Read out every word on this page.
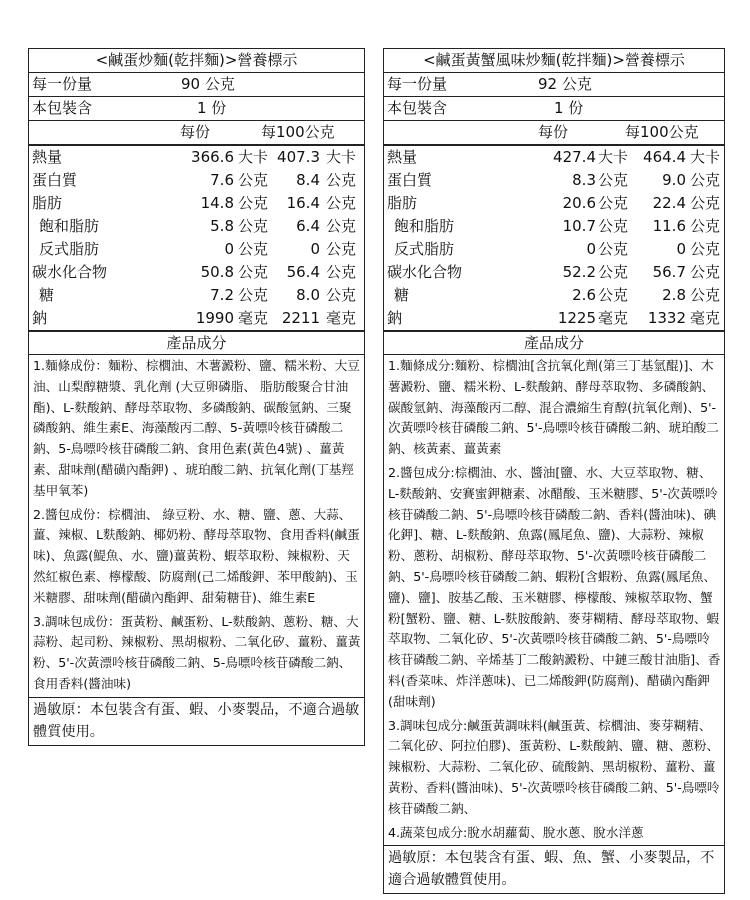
<鹹蛋炒麵(乾拌麵)>營養標示
每一份量	90 公克
本包裝含	1 份
每份	每100公克
熱量	366.6 大卡 407.3 大卡
蛋白質	7.6 公克 8.4 公克
脂肪	14.8 公克 16.4 公克
飽和脂肪	5.8 公克 6.4 公克
反式脂肪	0 公克	0 公克
碳水化合物	50.8 公克 56.4 公克
糖	7.2 公克 8.0 公克
鈉	1990 毫克 2211 毫克
產品成分
1.麵條成份：麵粉、棕櫚油、木薯澱粉、鹽、糯米粉、大豆油、山梨醇糖漿、乳化劑 (大豆卵磷脂、 脂肪酸聚合甘油酯)、L-麩酸鈉、酵母萃取物、多磷酸鈉、碳酸氫鈉、三聚磷酸鈉、維生素E、海藻酸丙二醇、5-黃嘌呤核苷磷酸二鈉、5-鳥嘌呤核苷磷酸二鈉、食用色素(黃色4號) 、薑黃素、甜味劑(醋磺內酯鉀) 、琥珀酸二鈉、抗氧化劑(丁基羥基甲氧苯)
2.醬包成份：棕櫚油、 綠豆粉、水、糖、鹽、蔥、大蒜、薑、辣椒、L麩酸鈉、椰奶粉、酵母萃取物、食用香料(鹹蛋味)、魚露(鯷魚、水、鹽)薑黃粉、蝦萃取粉、辣椒粉、天然紅椒色素、檸檬酸、防腐劑(己二烯酸鉀、苯甲酸鈉)、玉米糖膠、甜味劑(醋磺內酯鉀、甜菊糖苷)、維生素E
3.調味包成份：蛋黃粉、鹹蛋粉、L-麩酸鈉、蔥粉、糖、大蒜粉、起司粉、辣椒粉、黑胡椒粉、二氧化矽、薑粉、薑黃粉、5'-次黃漂呤核苷磷酸二鈉、5-鳥嘌呤核苷磷酸二鈉、食用香料(醬油味)
過敏原：本包裝含有蛋、蝦、小麥製品，不適合過敏體質使用。
<鹹蛋黃蟹風味炒麵(乾拌麵)>營養標示
每一份量	92 公克
本包裝含	1 份
每份	每100公克
熱量	427.4 大卡 464.4 大卡
蛋白質	8.3 公克 9.0 公克
脂肪	20.6 公克 22.4 公克
飽和脂肪	10.7 公克 11.6 公克
反式脂肪	0 公克	0 公克
碳水化合物	52.2 公克 56.7 公克
糖	2.6 公克 2.8 公克
鈉	1225 毫克 1332 毫克
產品成分
1.麵條成分:麵粉、棕櫚油[含抗氧化劑(第三丁基氫醌)]、木薯澱粉、鹽、糯米粉、L-麩酸鈉、酵母萃取物、多磷酸鈉、碳酸氫鈉、海藻酸丙二醇、混合濃縮生育醇(抗氧化劑)、5'-次黃嘌呤核苷磷酸二鈉、5'-鳥嘌呤核苷磷酸二鈉、琥珀酸二鈉、核黃素、薑黃素
2.醬包成分:棕櫚油、水、醬油[鹽、水、大豆萃取物、糖、L-麩酸鈉、安賽蜜鉀糖素、冰醋酸、玉米糖膠、5'-次黃嘌呤核苷磷酸二鈉、5'-鳥嘌呤核苷磷酸二鈉、香料(醬油味)、碘化鉀]、糖、L-麩酸鈉、魚露(鳳尾魚、鹽)、大蒜粉、辣椒粉、蔥粉、胡椒粉、酵母萃取物、5'-次黃嘌呤核苷磷酸二鈉、5'-鳥嘌呤核苷磷酸二鈉、蝦粉[含蝦粉、魚露(鳳尾魚、鹽)、鹽]、胺基乙酸、玉米糖膠、檸檬酸、辣椒萃取物、蟹粉[蟹粉、鹽、糖、L-麩胺酸鈉、麥芽糊精、酵母萃取物、蝦萃取物、二氧化矽、5'-次黃嘌呤核苷磷酸二鈉、5'-鳥嘌呤核苷磷酸二鈉、辛烯基丁二酸鈉澱粉、中鏈三酸甘油脂]、香料(香菜味、炸洋蔥味)、已二烯酸鉀(防腐劑)、醋磺內酯鉀(甜味劑)
3.調味包成分:鹹蛋黃調味料(鹹蛋黃、棕櫚油、麥芽糊精、二氧化矽、阿拉伯膠)、蛋黃粉、L-麩酸鈉、鹽、糖、蔥粉、辣椒粉、大蒜粉、二氧化矽、硫酸鈉、黑胡椒粉、薑粉、薑黃粉、香料(醬油味)、5'-次黃嘌呤核苷磷酸二鈉、5'-鳥嘌呤核苷磷酸二鈉、
4.蔬菜包成分:脫水胡蘿蔔、脫水蔥、脫水洋蔥
過敏原：本包裝含有蛋、蝦、魚、蟹、小麥製品，不適合過敏體質使用。
